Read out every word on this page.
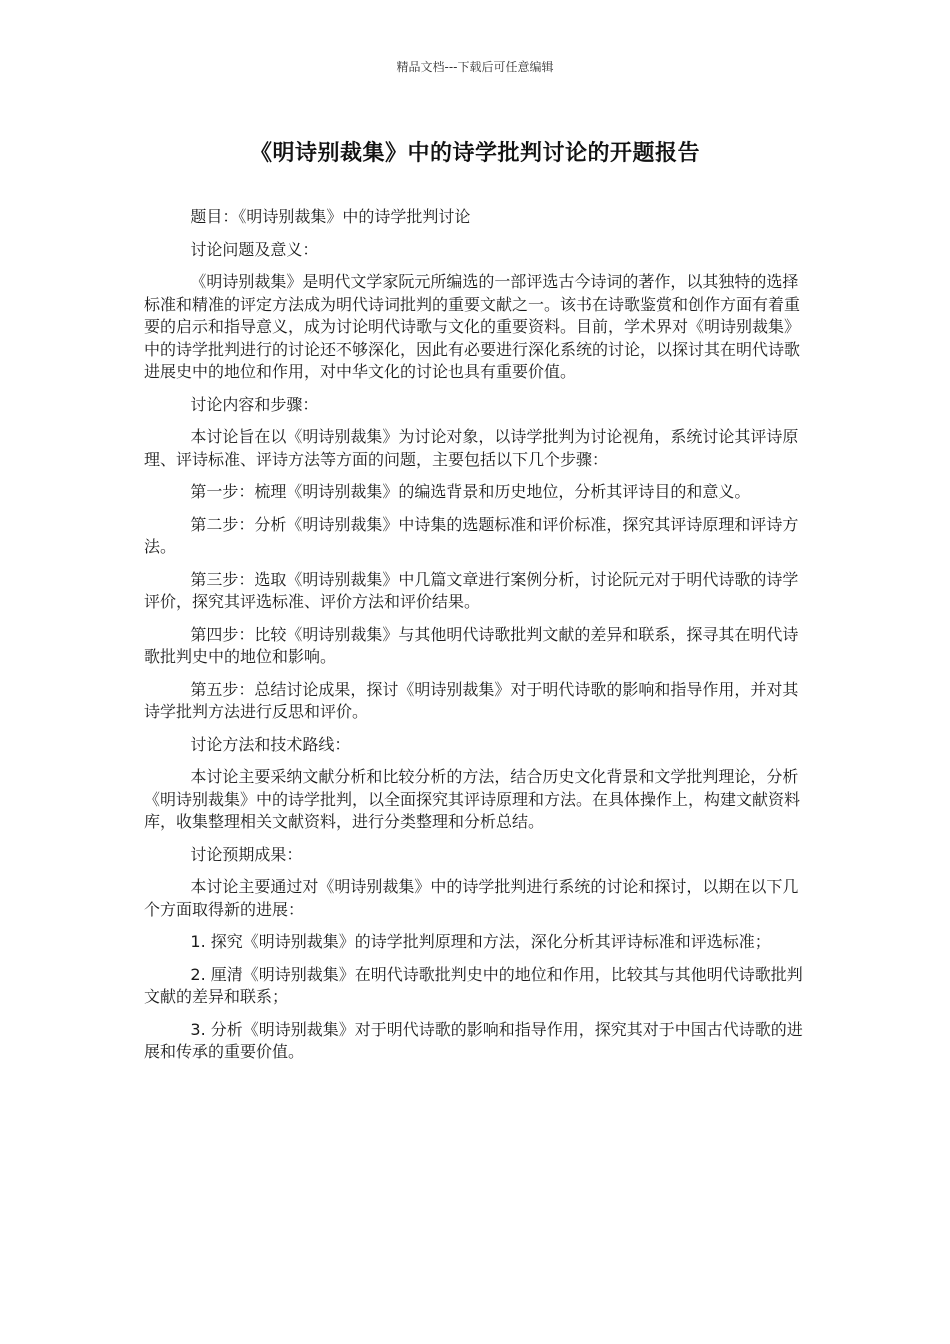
精品文档---下载后可任意编辑
《明诗别裁集》中的诗学批判讨论的开题报告

题目：《明诗别裁集》中的诗学批判讨论

讨论问题及意义：

《明诗别裁集》是明代文学家阮元所编选的一部评选古今诗词的著作，以其独特的选择标准和精准的评定方法成为明代诗词批判的重要文献之一。该书在诗歌鉴赏和创作方面有着重要的启示和指导意义，成为讨论明代诗歌与文化的重要资料。目前，学术界对《明诗别裁集》中的诗学批判进行的讨论还不够深化，因此有必要进行深化系统的讨论，以探讨其在明代诗歌进展史中的地位和作用，对中华文化的讨论也具有重要价值。

讨论内容和步骤：

本讨论旨在以《明诗别裁集》为讨论对象，以诗学批判为讨论视角，系统讨论其评诗原理、评诗标准、评诗方法等方面的问题，主要包括以下几个步骤：

第一步：梳理《明诗别裁集》的编选背景和历史地位，分析其评诗目的和意义。

第二步：分析《明诗别裁集》中诗集的选题标准和评价标准，探究其评诗原理和评诗方法。

第三步：选取《明诗别裁集》中几篇文章进行案例分析，讨论阮元对于明代诗歌的诗学评价，探究其评选标准、评价方法和评价结果。

第四步：比较《明诗别裁集》与其他明代诗歌批判文献的差异和联系，探寻其在明代诗歌批判史中的地位和影响。

第五步：总结讨论成果，探讨《明诗别裁集》对于明代诗歌的影响和指导作用，并对其诗学批判方法进行反思和评价。

讨论方法和技术路线：

本讨论主要采纳文献分析和比较分析的方法，结合历史文化背景和文学批判理论，分析《明诗别裁集》中的诗学批判，以全面探究其评诗原理和方法。在具体操作上，构建文献资料库，收集整理相关文献资料，进行分类整理和分析总结。

讨论预期成果：

本讨论主要通过对《明诗别裁集》中的诗学批判进行系统的讨论和探讨，以期在以下几个方面取得新的进展：

1. 探究《明诗别裁集》的诗学批判原理和方法，深化分析其评诗标准和评选标准；

2. 厘清《明诗别裁集》在明代诗歌批判史中的地位和作用，比较其与其他明代诗歌批判文献的差异和联系；

3. 分析《明诗别裁集》对于明代诗歌的影响和指导作用，探究其对于中国古代诗歌的进展和传承的重要价值。
